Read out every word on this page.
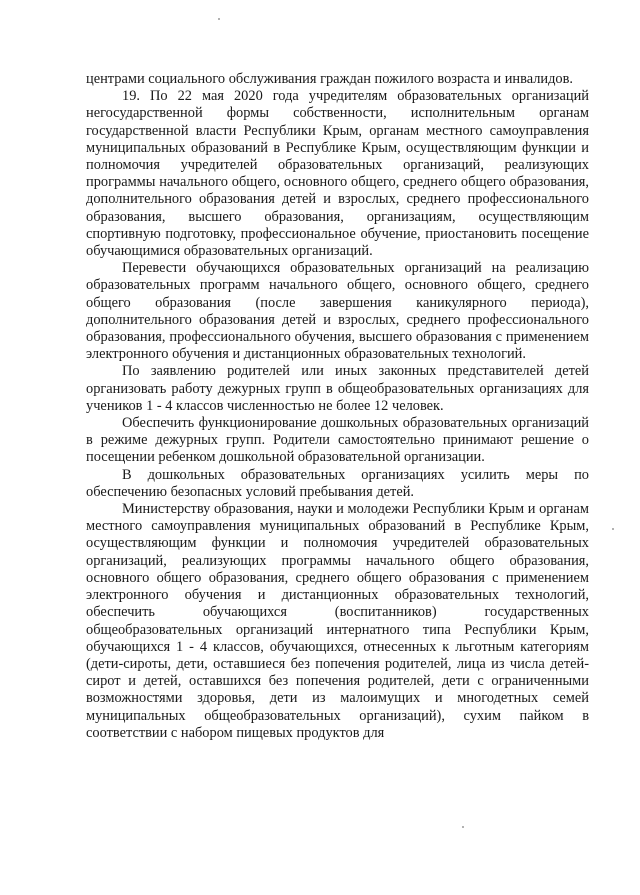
центрами социального обслуживания граждан пожилого возраста и инвалидов.

19. По 22 мая 2020 года учредителям образовательных организаций негосударственной формы собственности, исполнительным органам государственной власти Республики Крым, органам местного самоуправления муниципальных образований в Республике Крым, осуществляющим функции и полномочия учредителей образовательных организаций, реализующих программы начального общего, основного общего, среднего общего образования, дополнительного образования детей и взрослых, среднего профессионального образования, высшего образования, организациям, осуществляющим спортивную подготовку, профессиональное обучение, приостановить посещение обучающимися образовательных организаций.

Перевести обучающихся образовательных организаций на реализацию образовательных программ начального общего, основного общего, среднего общего образования (после завершения каникулярного периода), дополнительного образования детей и взрослых, среднего профессионального образования, профессионального обучения, высшего образования с применением электронного обучения и дистанционных образовательных технологий.

По заявлению родителей или иных законных представителей детей организовать работу дежурных групп в общеобразовательных организациях для учеников 1 - 4 классов численностью не более 12 человек.

Обеспечить функционирование дошкольных образовательных организаций в режиме дежурных групп. Родители самостоятельно принимают решение о посещении ребенком дошкольной образовательной организации.

В дошкольных образовательных организациях усилить меры по обеспечению безопасных условий пребывания детей.

Министерству образования, науки и молодежи Республики Крым и органам местного самоуправления муниципальных образований в Республике Крым, осуществляющим функции и полномочия учредителей образовательных организаций, реализующих программы начального общего образования, основного общего образования, среднего общего образования с применением электронного обучения и дистанционных образовательных технологий, обеспечить обучающихся (воспитанников) государственных общеобразовательных организаций интернатного типа Республики Крым, обучающихся 1 - 4 классов, обучающихся, отнесенных к льготным категориям (дети-сироты, дети, оставшиеся без попечения родителей, лица из числа детей-сирот и детей, оставшихся без попечения родителей, дети с ограниченными возможностями здоровья, дети из малоимущих и многодетных семей муниципальных общеобразовательных организаций), сухим пайком в соответствии с набором пищевых продуктов для
